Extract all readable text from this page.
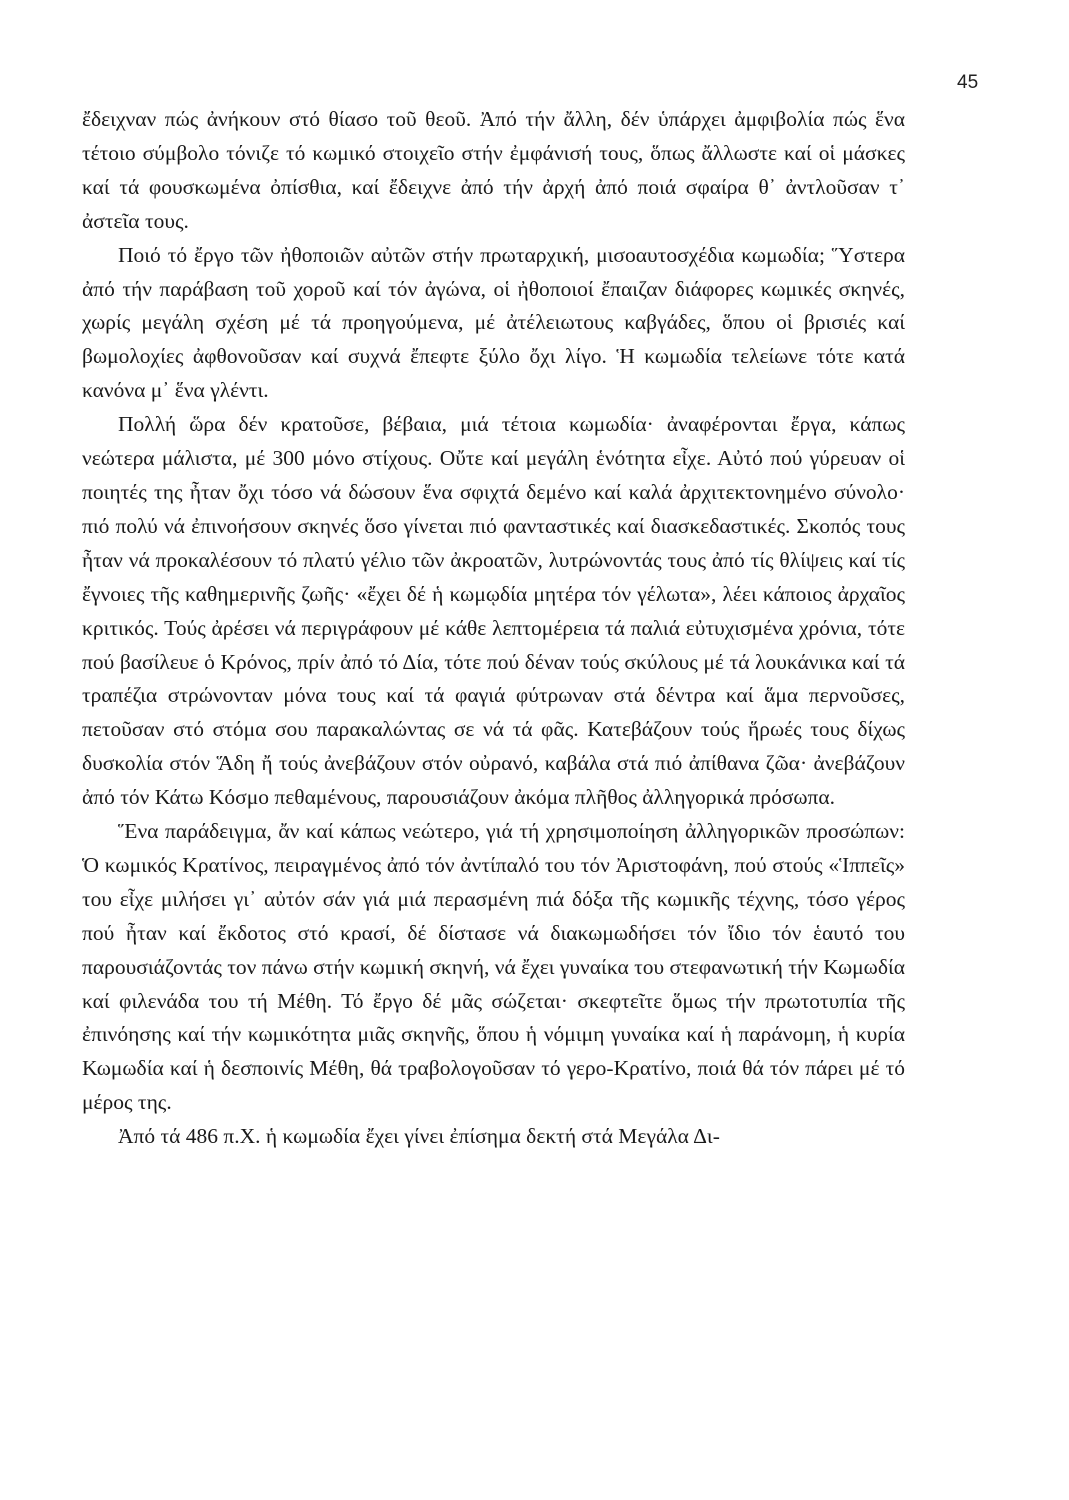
45

ἔδειχναν πώς ἀνήκουν στό θίασο τοῦ θεοῦ. Ἀπό τήν ἄλλη, δέν ὑπάρχει ἀμφιβολία πώς ἕνα τέτοιο σύμβολο τόνιζε τό κωμικό στοιχεῖο στήν ἐμφάνισή τους, ὅπως ἄλλωστε καί οἱ μάσκες καί τά φουσκωμένα ὀπίσθια, καί ἔδειχνε ἀπό τήν ἀρχή ἀπό ποιά σφαίρα θ᾿ ἀντλοῦσαν τ᾿ ἀστεῖα τους.

Ποιό τό ἔργο τῶν ἠθοποιῶν αὐτῶν στήν πρωταρχική, μισοαυτοσχέδια κωμωδία; Ὕστερα ἀπό τήν παράβαση τοῦ χοροῦ καί τόν ἀγώνα, οἱ ἠθοποιοί ἔπαιζαν διάφορες κωμικές σκηνές, χωρίς μεγάλη σχέση μέ τά προηγούμενα, μέ ἀτέλειωτους καβγάδες, ὅπου οἱ βρισιές καί βωμολοχίες ἀφθονοῦσαν καί συχνά ἔπεφτε ξύλο ὄχι λίγο. Ἡ κωμωδία τελείωνε τότε κατά κανόνα μ᾿ ἕνα γλέντι.

Πολλή ὥρα δέν κρατοῦσε, βέβαια, μιά τέτοια κωμωδία· ἀναφέρονται ἔργα, κάπως νεώτερα μάλιστα, μέ 300 μόνο στίχους. Οὔτε καί μεγάλη ἑνότητα εἶχε. Αὐτό πού γύρευαν οἱ ποιητές της ἦταν ὄχι τόσο νά δώσουν ἕνα σφιχτά δεμένο καί καλά ἀρχιτεκτονημένο σύνολο· πιό πολύ νά ἐπινοήσουν σκηνές ὅσο γίνεται πιό φανταστικές καί διασκεδαστικές. Σκοπός τους ἦταν νά προκαλέσουν τό πλατύ γέλιο τῶν ἀκροατῶν, λυτρώνοντάς τους ἀπό τίς θλίψεις καί τίς ἔγνοιες τῆς καθημερινῆς ζωῆς· «ἔχει δέ ἡ κωμῳδία μητέρα τόν γέλωτα», λέει κάποιος ἀρχαῖος κριτικός. Τούς ἀρέσει νά περιγράφουν μέ κάθε λεπτομέρεια τά παλιά εὐτυχισμένα χρόνια, τότε πού βασίλευε ὁ Κρόνος, πρίν ἀπό τό Δία, τότε πού δέναν τούς σκύλους μέ τά λουκάνικα καί τά τραπέζια στρώνονταν μόνα τους καί τά φαγιά φύτρωναν στά δέντρα καί ἅμα περνοῦσες, πετοῦσαν στό στόμα σου παρακαλώντας σε νά τά φᾶς. Κατεβάζουν τούς ἥρωές τους δίχως δυσκολία στόν Ἅδη ἤ τούς ἀνεβάζουν στόν οὐρανό, καβάλα στά πιό ἀπίθανα ζῶα· ἀνεβάζουν ἀπό τόν Κάτω Κόσμο πεθαμένους, παρουσιάζουν ἀκόμα πλῆθος ἀλληγορικά πρόσωπα.

Ἕνα παράδειγμα, ἄν καί κάπως νεώτερο, γιά τή χρησιμοποίηση ἀλληγορικῶν προσώπων: Ὁ κωμικός Κρατίνος, πειραγμένος ἀπό τόν ἀντίπαλό του τόν Ἀριστοφάνη, πού στούς «Ἱππεῖς» του εἶχε μιλήσει γι᾿ αὐτόν σάν γιά μιά περασμένη πιά δόξα τῆς κωμικῆς τέχνης, τόσο γέρος πού ἦταν καί ἔκδοτος στό κρασί, δέ δίστασε νά διακωμωδήσει τόν ἴδιο τόν ἑαυτό του παρουσιάζοντάς τον πάνω στήν κωμική σκηνή, νά ἔχει γυναίκα του στεφανωτική τήν Κωμωδία καί φιλενάδα του τή Μέθη. Τό ἔργο δέ μᾶς σώζεται· σκεφτεῖτε ὅμως τήν πρωτοτυπία τῆς ἐπινόησης καί τήν κωμικότητα μιᾶς σκηνῆς, ὅπου ἡ νόμιμη γυναίκα καί ἡ παράνομη, ἡ κυρία Κωμωδία καί ἡ δεσποινίς Μέθη, θά τραβολογοῦσαν τό γερο-Κρατίνο, ποιά θά τόν πάρει μέ τό μέρος της.

Ἀπό τά 486 π.Χ. ἡ κωμωδία ἔχει γίνει ἐπίσημα δεκτή στά Μεγάλα Δι-
